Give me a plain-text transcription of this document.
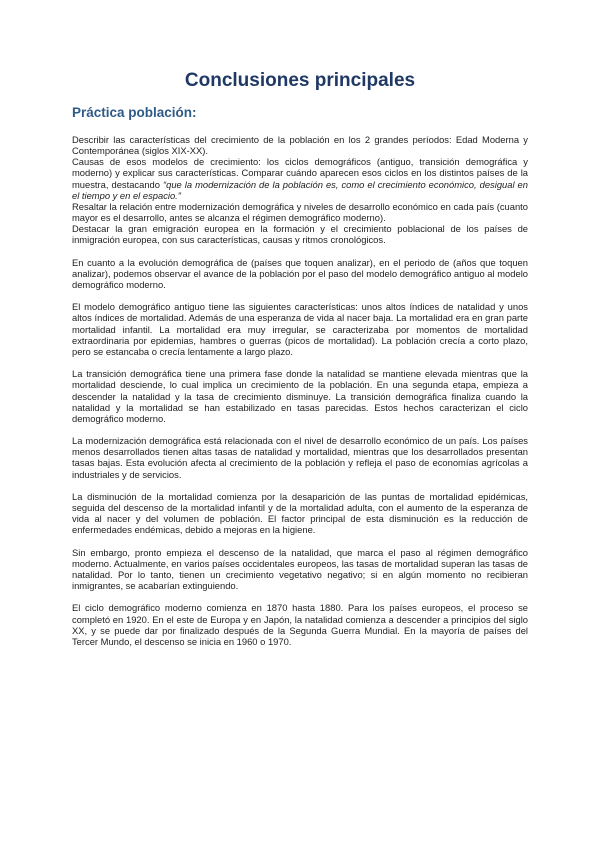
Conclusiones principales
Práctica población:
Describir las características del crecimiento de la población en los 2 grandes períodos: Edad Moderna y Contemporánea (siglos XIX-XX).
Causas de esos modelos de crecimiento: los ciclos demográficos (antiguo, transición demográfica y moderno) y explicar sus características. Comparar cuándo aparecen esos ciclos en los distintos países de la muestra, destacando “que la modernización de la población es, como el crecimiento económico, desigual en el tiempo y en el espacio.”
Resaltar la relación entre modernización demográfica y niveles de desarrollo económico en cada país (cuanto mayor es el desarrollo, antes se alcanza el régimen demográfico moderno).
Destacar la gran emigración europea en la formación y el crecimiento poblacional de los países de inmigración europea, con sus características, causas y ritmos cronológicos.

En cuanto a la evolución demográfica de (países que toquen analizar), en el periodo de (años que toquen analizar), podemos observar el avance de la población por el paso del modelo demográfico antiguo al modelo demográfico moderno.

El modelo demográfico antiguo tiene las siguientes características: unos altos índices de natalidad y unos altos índices de mortalidad. Además de una esperanza de vida al nacer baja. La mortalidad era en gran parte mortalidad infantil. La mortalidad era muy irregular, se caracterizaba por momentos de mortalidad extraordinaria por epidemias, hambres o guerras (picos de mortalidad). La población crecía a corto plazo, pero se estancaba o crecía lentamente a largo plazo.

La transición demográfica tiene una primera fase donde la natalidad se mantiene elevada mientras que la mortalidad desciende, lo cual implica un crecimiento de la población. En una segunda etapa, empieza a descender la natalidad y la tasa de crecimiento disminuye. La transición demográfica finaliza cuando la natalidad y la mortalidad se han estabilizado en tasas parecidas. Estos hechos caracterizan el ciclo demográfico moderno.

La modernización demográfica está relacionada con el nivel de desarrollo económico de un país. Los países menos desarrollados tienen altas tasas de natalidad y mortalidad, mientras que los desarrollados presentan tasas bajas. Esta evolución afecta al crecimiento de la población y refleja el paso de economías agrícolas a industriales y de servicios.

La disminución de la mortalidad comienza por la desaparición de las puntas de mortalidad epidémicas, seguida del descenso de la mortalidad infantil y de la mortalidad adulta, con el aumento de la esperanza de vida al nacer y del volumen de población. El factor principal de esta disminución es la reducción de enfermedades endémicas, debido a mejoras en la higiene.

Sin embargo, pronto empieza el descenso de la natalidad, que marca el paso al régimen demográfico moderno. Actualmente, en varios países occidentales europeos, las tasas de mortalidad superan las tasas de natalidad. Por lo tanto, tienen un crecimiento vegetativo negativo; si en algún momento no recibieran inmigrantes, se acabarían extinguiendo.

El ciclo demográfico moderno comienza en 1870 hasta 1880. Para los países europeos, el proceso se completó en 1920. En el este de Europa y en Japón, la natalidad comienza a descender a principios del siglo XX, y se puede dar por finalizado después de la Segunda Guerra Mundial. En la mayoría de países del Tercer Mundo, el descenso se inicia en 1960 o 1970.
